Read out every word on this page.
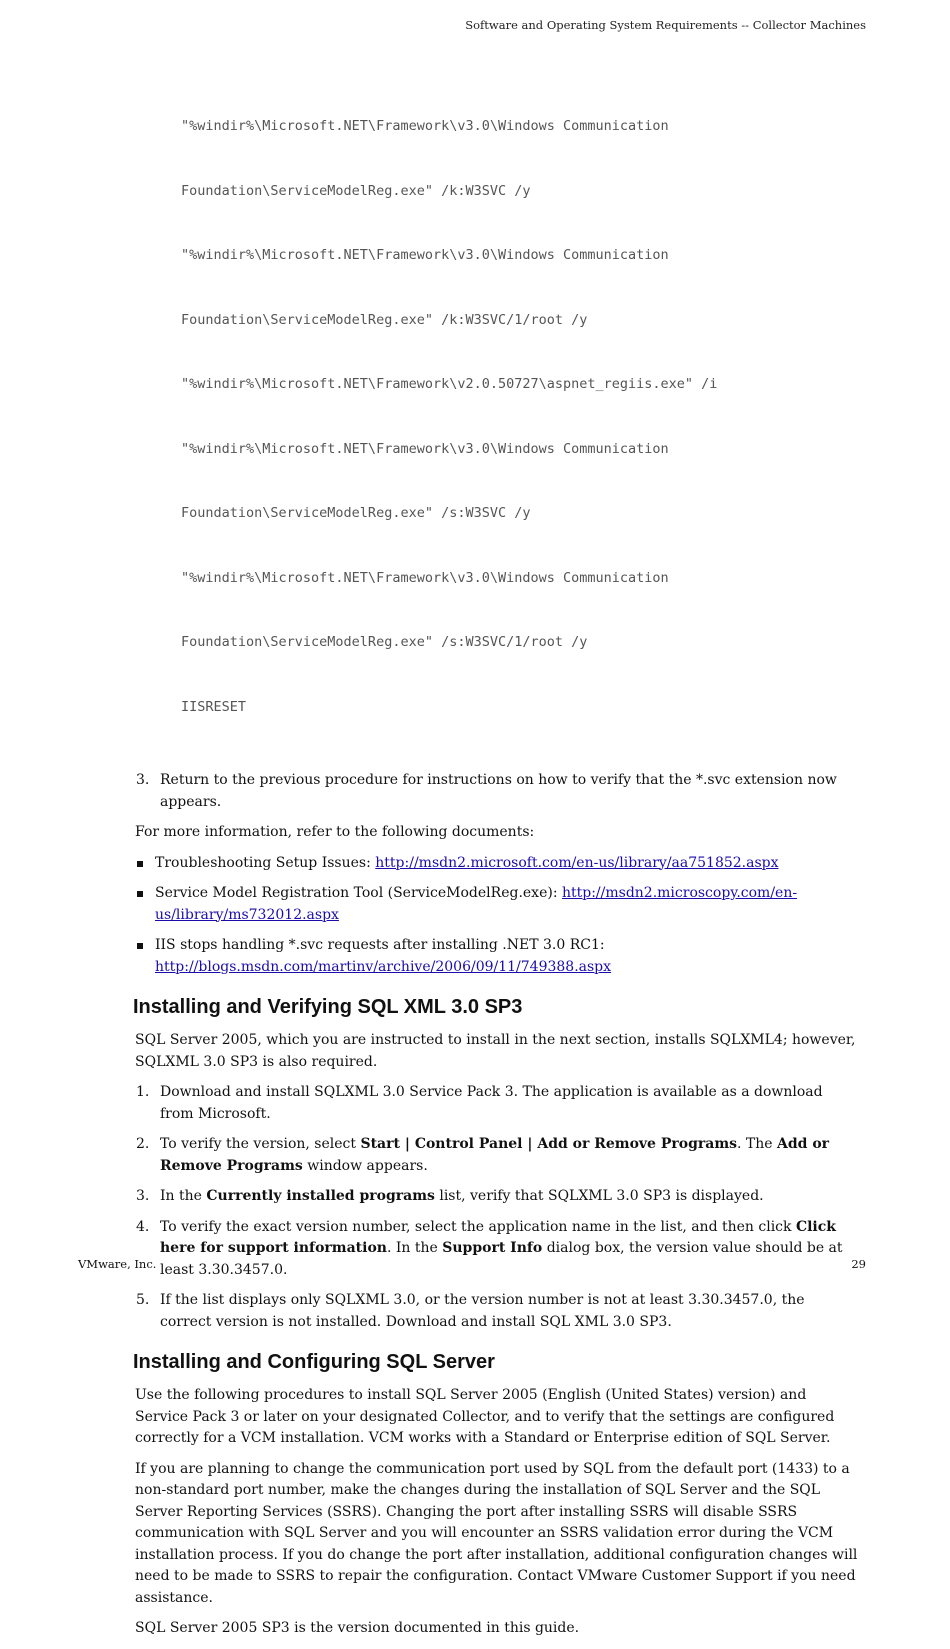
Software and Operating System Requirements -- Collector Machines

"%windir%\Microsoft.NET\Framework\v3.0\Windows Communication

Foundation\ServiceModelReg.exe" /k:W3SVC /y

"%windir%\Microsoft.NET\Framework\v3.0\Windows Communication

Foundation\ServiceModelReg.exe" /k:W3SVC/1/root /y

"%windir%\Microsoft.NET\Framework\v2.0.50727\aspnet_regiis.exe" /i

"%windir%\Microsoft.NET\Framework\v3.0\Windows Communication

Foundation\ServiceModelReg.exe" /s:W3SVC /y

"%windir%\Microsoft.NET\Framework\v3.0\Windows Communication

Foundation\ServiceModelReg.exe" /s:W3SVC/1/root /y

IISRESET

3. Return to the previous procedure for instructions on how to verify that the *.svc extension now appears.

For more information, refer to the following documents:

Troubleshooting Setup Issues: http://msdn2.microsoft.com/en-us/library/aa751852.aspx
Service Model Registration Tool (ServiceModelReg.exe): http://msdn2.microscopy.com/en-us/library/ms732012.aspx
IIS stops handling *.svc requests after installing .NET 3.0 RC1:
http://blogs.msdn.com/martinv/archive/2006/09/11/749388.aspx
Installing and Verifying SQL XML 3.0 SP3

SQL Server 2005, which you are instructed to install in the next section, installs SQLXML4; however, SQLXML 3.0 SP3 is also required.

1. Download and install SQLXML 3.0 Service Pack 3. The application is available as a download from Microsoft.
2. To verify the version, select Start | Control Panel | Add or Remove Programs. The Add or Remove Programs window appears.
3. In the Currently installed programs list, verify that SQLXML 3.0 SP3 is displayed.
4. To verify the exact version number, select the application name in the list, and then click Click here for support information. In the Support Info dialog box, the version value should be at least 3.30.3457.0.
5. If the list displays only SQLXML 3.0, or the version number is not at least 3.30.3457.0, the correct version is not installed. Download and install SQL XML 3.0 SP3.
Installing and Configuring SQL Server

Use the following procedures to install SQL Server 2005 (English (United States) version) and Service Pack 3 or later on your designated Collector, and to verify that the settings are configured correctly for a VCM installation. VCM works with a Standard or Enterprise edition of SQL Server.

If you are planning to change the communication port used by SQL from the default port (1433) to a non-standard port number, make the changes during the installation of SQL Server and the SQL Server Reporting Services (SSRS). Changing the port after installing SSRS will disable SSRS communication with SQL Server and you will encounter an SSRS validation error during the VCM installation process. If you do change the port after installation, additional configuration changes will need to be made to SSRS to repair the configuration. Contact VMware Customer Support if you need assistance.

SQL Server 2005 SP3 is the version documented in this guide.

VMware, Inc.	29
